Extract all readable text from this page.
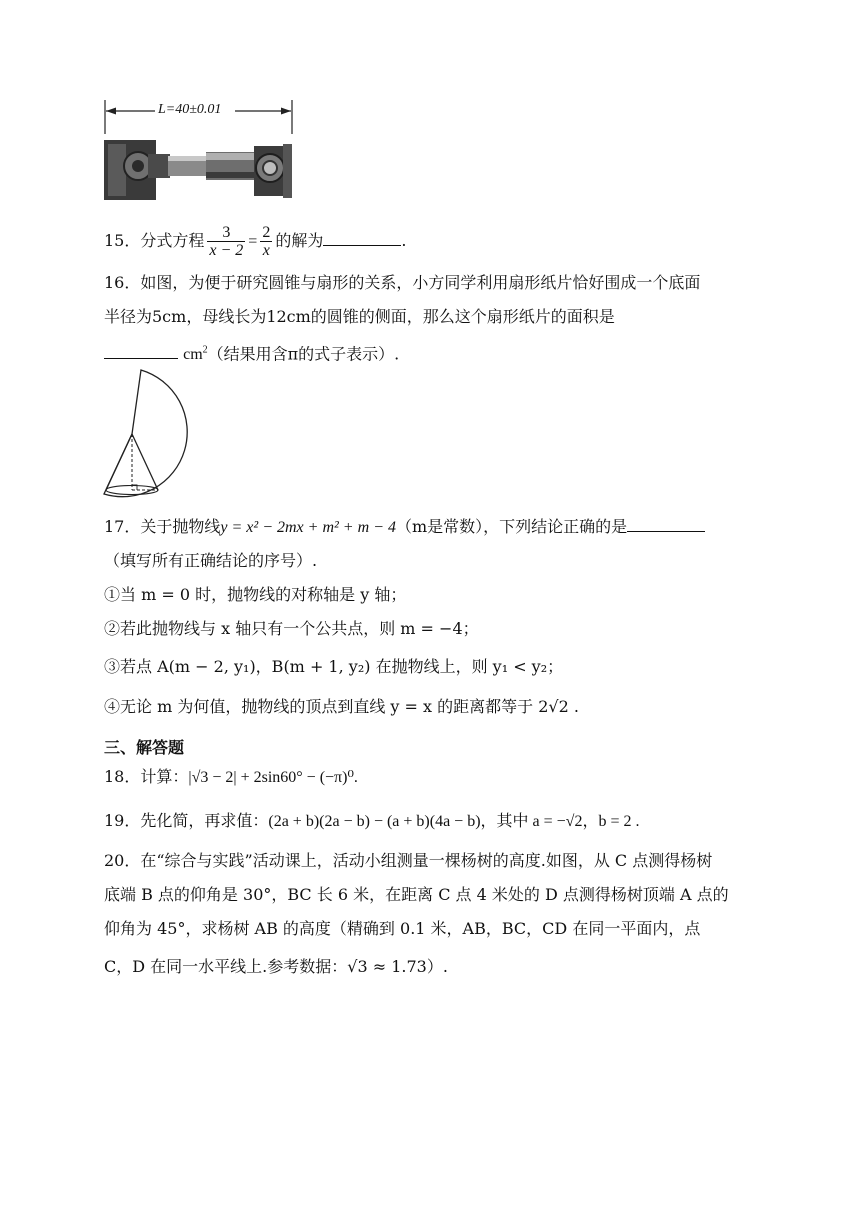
L=40±0.01
15．分式方程 $\frac{3}{x - 2} = \frac{2}{x}$ 的解为	.
16．如图，为便于研究圆锥与扇形的关系，小方同学利用扇形纸片恰好围成一个底面
半径为5cm，母线长为12cm的圆锥的侧面，那么这个扇形纸片的面积是
$cm^2$（结果用含π的式子表示）.
17．关于抛物线y = x² − 2mx + m² + m − 4（m是常数），下列结论正确的是
（填写所有正确结论的序号）.
①当 m = 0 时，抛物线的对称轴是 y 轴；
②若此抛物线与 x 轴只有一个公共点，则 m = −4；
③若点 A(m − 2, y₁)，B(m + 1, y₂) 在抛物线上，则 y₁ < y₂；
④无论 m 为何值，抛物线的顶点到直线 y = x 的距离都等于 2√2 .
三、解答题
18．计算：|√3 − 2| + 2sin60° − (−π)⁰.
19．先化简，再求值：(2a + b)(2a − b) − (a + b)(4a − b)，其中 a = −√2，b = 2 .
20．在“综合与实践”活动课上，活动小组测量一棵杨树的高度.如图，从 C 点测得杨树
底端 B 点的仰角是 30°，BC 长 6 米，在距离 C 点 4 米处的 D 点测得杨树顶端 A 点的
仰角为 45°，求杨树 AB 的高度（精确到 0.1 米，AB，BC，CD 在同一平面内，点
C，D 在同一水平线上.参考数据：√3 ≈ 1.73）.
